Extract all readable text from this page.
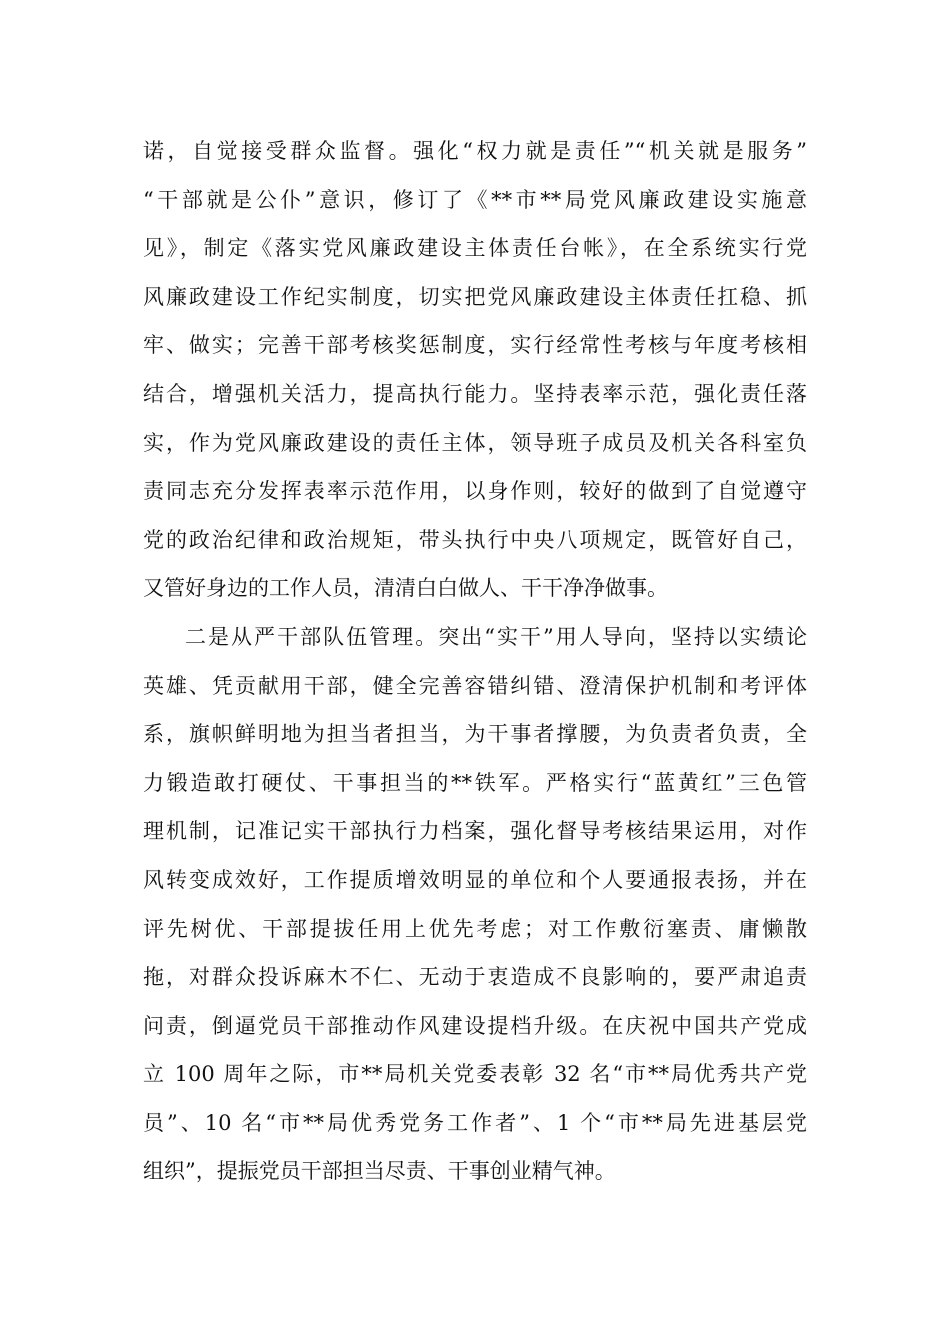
诺，自觉接受群众监督。强化“权力就是责任”“机关就是服务”
“干部就是公仆”意识，修订了《**市**局党风廉政建设实施意
见》，制定《落实党风廉政建设主体责任台帐》，在全系统实行党
风廉政建设工作纪实制度，切实把党风廉政建设主体责任扛稳、抓
牢、做实；完善干部考核奖惩制度，实行经常性考核与年度考核相
结合，增强机关活力，提高执行能力。坚持表率示范，强化责任落
实，作为党风廉政建设的责任主体，领导班子成员及机关各科室负
责同志充分发挥表率示范作用，以身作则，较好的做到了自觉遵守
党的政治纪律和政治规矩，带头执行中央八项规定，既管好自己，
又管好身边的工作人员，清清白白做人、干干净净做事。
二是从严干部队伍管理。突出“实干”用人导向，坚持以实绩论
英雄、凭贡献用干部，健全完善容错纠错、澄清保护机制和考评体
系，旗帜鲜明地为担当者担当，为干事者撑腰，为负责者负责，全
力锻造敢打硬仗、干事担当的**铁军。严格实行“蓝黄红”三色管
理机制，记准记实干部执行力档案，强化督导考核结果运用，对作
风转变成效好，工作提质增效明显的单位和个人要通报表扬，并在
评先树优、干部提拔任用上优先考虑；对工作敷衍塞责、庸懒散
拖，对群众投诉麻木不仁、无动于衷造成不良影响的，要严肃追责
问责，倒逼党员干部推动作风建设提档升级。在庆祝中国共产党成
立 100 周年之际，市**局机关党委表彰 32 名“市**局优秀共产党
员”、10 名“市**局优秀党务工作者”、1 个“市**局先进基层党
组织”，提振党员干部担当尽责、干事创业精气神。
